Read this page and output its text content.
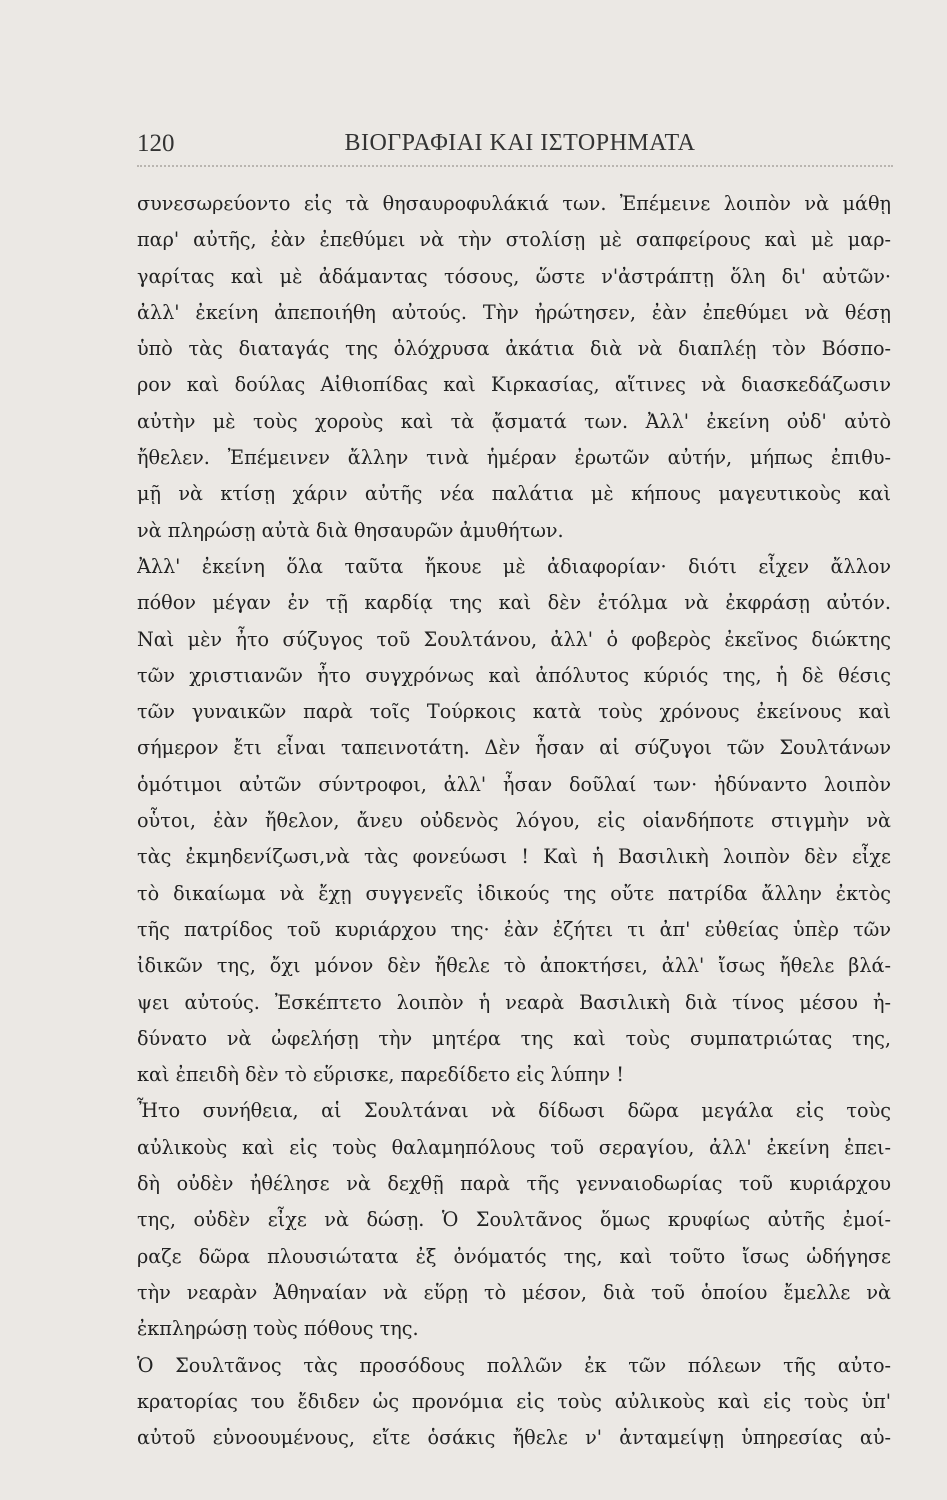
120	ΒΙΟΓΡΑΦΙΑΙ ΚΑΙ ΙΣΤΟΡΗΜΑΤΑ
συνεσωρεύοντο εἰς τὰ θησαυροφυλάκιά των. Ἐπέμεινε λοιπὸν νὰ μάθῃ
παρ' αὐτῆς, ἐὰν ἐπεθύμει νὰ τὴν στολίσῃ μὲ σαπφείρους καὶ μὲ μαρ-
γαρίτας καὶ μὲ ἀδάμαντας τόσους, ὥστε ν'ἀστράπτῃ ὅλη δι' αὐτῶν·
ἀλλ' ἐκείνη ἀπεποιήθη αὐτούς. Τὴν ἠρώτησεν, ἐὰν ἐπεθύμει νὰ θέσῃ
ὑπὸ τὰς διαταγάς της ὁλόχρυσα ἀκάτια διὰ νὰ διαπλέῃ τὸν Βόσπο-
ρον καὶ δούλας Αἰθιοπίδας καὶ Κιρκασίας, αἵτινες νὰ διασκεδάζωσιν
αὐτὴν μὲ τοὺς χοροὺς καὶ τὰ ᾄσματά των. Ἀλλ' ἐκείνη οὐδ' αὐτὸ
ἤθελεν. Ἐπέμεινεν ἄλλην τινὰ ἡμέραν ἐρωτῶν αὐτήν, μήπως ἐπιθυ-
μῇ νὰ κτίσῃ χάριν αὐτῆς νέα παλάτια μὲ κήπους μαγευτικοὺς καὶ
νὰ πληρώσῃ αὐτὰ διὰ θησαυρῶν ἀμυθήτων.
Ἀλλ' ἐκείνη ὅλα ταῦτα ἤκουε μὲ ἀδιαφορίαν· διότι εἶχεν ἄλλον
πόθον μέγαν ἐν τῇ καρδίᾳ της καὶ δὲν ἐτόλμα νὰ ἐκφράσῃ αὐτόν.
Ναὶ μὲν ἦτο σύζυγος τοῦ Σουλτάνου, ἀλλ' ὁ φοβερὸς ἐκεῖνος διώκτης
τῶν χριστιανῶν ἦτο συγχρόνως καὶ ἀπόλυτος κύριός της, ἡ δὲ θέσις
τῶν γυναικῶν παρὰ τοῖς Τούρκοις κατὰ τοὺς χρόνους ἐκείνους καὶ
σήμερον ἔτι εἶναι ταπεινοτάτη. Δὲν ἦσαν αἱ σύζυγοι τῶν Σουλτάνων
ὁμότιμοι αὐτῶν σύντροφοι, ἀλλ' ἦσαν δοῦλαί των· ἠδύναντο λοιπὸν
οὗτοι, ἐὰν ἤθελον, ἄνευ οὐδενὸς λόγου, εἰς οἱανδήποτε στιγμὴν νὰ
τὰς ἐκμηδενίζωσι,νὰ τὰς φονεύωσι ! Καὶ ἡ Βασιλικὴ λοιπὸν δὲν εἶχε
τὸ δικαίωμα νὰ ἔχῃ συγγενεῖς ἰδικούς της οὔτε πατρίδα ἄλλην ἐκτὸς
τῆς πατρίδος τοῦ κυριάρχου της· ἐὰν ἐζήτει τι ἀπ' εὐθείας ὑπὲρ τῶν
ἰδικῶν της, ὄχι μόνον δὲν ἤθελε τὸ ἀποκτήσει, ἀλλ' ἴσως ἤθελε βλά-
ψει αὐτούς. Ἐσκέπτετο λοιπὸν ἡ νεαρὰ Βασιλικὴ διὰ τίνος μέσου ἠ-
δύνατο νὰ ὠφελήσῃ τὴν μητέρα της καὶ τοὺς συμπατριώτας της,
καὶ ἐπειδὴ δὲν τὸ εὕρισκε, παρεδίδετο εἰς λύπην !
Ἦτο συνήθεια, αἱ Σουλτάναι νὰ δίδωσι δῶρα μεγάλα εἰς τοὺς
αὐλικοὺς καὶ εἰς τοὺς θαλαμηπόλους τοῦ σεραγίου, ἀλλ' ἐκείνη ἐπει-
δὴ οὐδὲν ἠθέλησε νὰ δεχθῇ παρὰ τῆς γενναιοδωρίας τοῦ κυριάρχου
της, οὐδὲν εἶχε νὰ δώσῃ. Ὁ Σουλτᾶνος ὅμως κρυφίως αὐτῆς ἐμοί-
ραζε δῶρα πλουσιώτατα ἐξ ὀνόματός της, καὶ τοῦτο ἴσως ὡδήγησε
τὴν νεαρὰν Ἀθηναίαν νὰ εὕρῃ τὸ μέσον, διὰ τοῦ ὁποίου ἔμελλε νὰ
ἐκπληρώσῃ τοὺς πόθους της.
Ὁ Σουλτᾶνος τὰς προσόδους πολλῶν ἐκ τῶν πόλεων τῆς αὐτο-
κρατορίας του ἔδιδεν ὡς προνόμια εἰς τοὺς αὐλικοὺς καὶ εἰς τοὺς ὑπ'
αὐτοῦ εὐνοουμένους, εἴτε ὁσάκις ἤθελε ν' ἀνταμείψῃ ὑπηρεσίας αὐ-
